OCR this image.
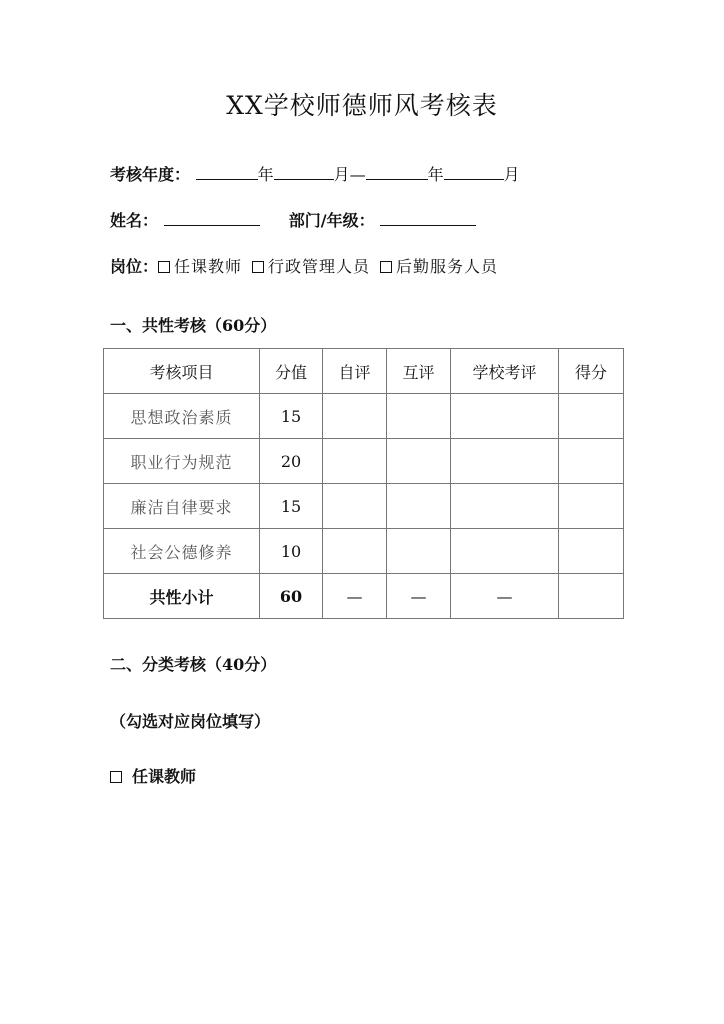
XX学校师德师风考核表
考核年度：	年	月—	年	月
姓名：	部门/年级：
岗位： 任课教师 行政管理人员 后勤服务人员
一、共性考核（60分）
考核项目	分值	自评	互评	学校考评	得分
思想政治素质	15				
职业行为规范	20				
廉洁自律要求	15				
社会公德修养	10				
共性小计	60	—	—	—	
二、分类考核（40分）
（勾选对应岗位填写）
任课教师
